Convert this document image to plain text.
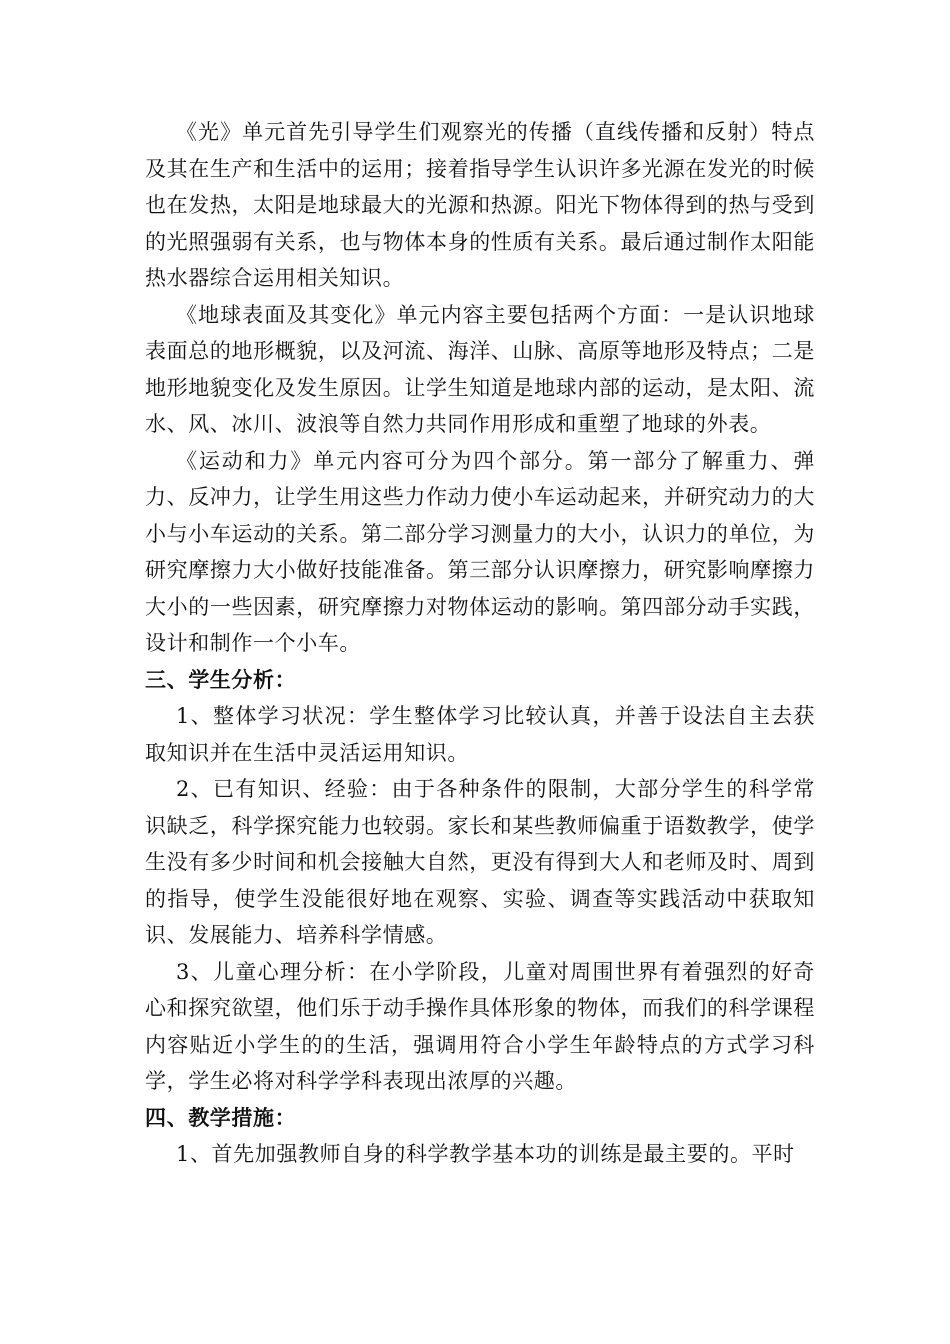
《光》单元首先引导学生们观察光的传播（直线传播和反射）特点及其在生产和生活中的运用；接着指导学生认识许多光源在发光的时候也在发热，太阳是地球最大的光源和热源。阳光下物体得到的热与受到的光照强弱有关系，也与物体本身的性质有关系。最后通过制作太阳能热水器综合运用相关知识。

《地球表面及其变化》单元内容主要包括两个方面：一是认识地球表面总的地形概貌，以及河流、海洋、山脉、高原等地形及特点；二是地形地貌变化及发生原因。让学生知道是地球内部的运动，是太阳、流水、风、冰川、波浪等自然力共同作用形成和重塑了地球的外表。

《运动和力》单元内容可分为四个部分。第一部分了解重力、弹力、反冲力，让学生用这些力作动力使小车运动起来，并研究动力的大小与小车运动的关系。第二部分学习测量力的大小，认识力的单位，为研究摩擦力大小做好技能准备。第三部分认识摩擦力，研究影响摩擦力大小的一些因素，研究摩擦力对物体运动的影响。第四部分动手实践，设计和制作一个小车。

三、学生分析：

1、整体学习状况：学生整体学习比较认真，并善于设法自主去获取知识并在生活中灵活运用知识。

2、已有知识、经验：由于各种条件的限制，大部分学生的科学常识缺乏，科学探究能力也较弱。家长和某些教师偏重于语数教学，使学生没有多少时间和机会接触大自然，更没有得到大人和老师及时、周到的指导，使学生没能很好地在观察、实验、调查等实践活动中获取知识、发展能力、培养科学情感。

3、儿童心理分析：在小学阶段，儿童对周围世界有着强烈的好奇心和探究欲望，他们乐于动手操作具体形象的物体，而我们的科学课程内容贴近小学生的的生活，强调用符合小学生年龄特点的方式学习科学，学生必将对科学学科表现出浓厚的兴趣。

四、教学措施：

1、首先加强教师自身的科学教学基本功的训练是最主要的。平时
